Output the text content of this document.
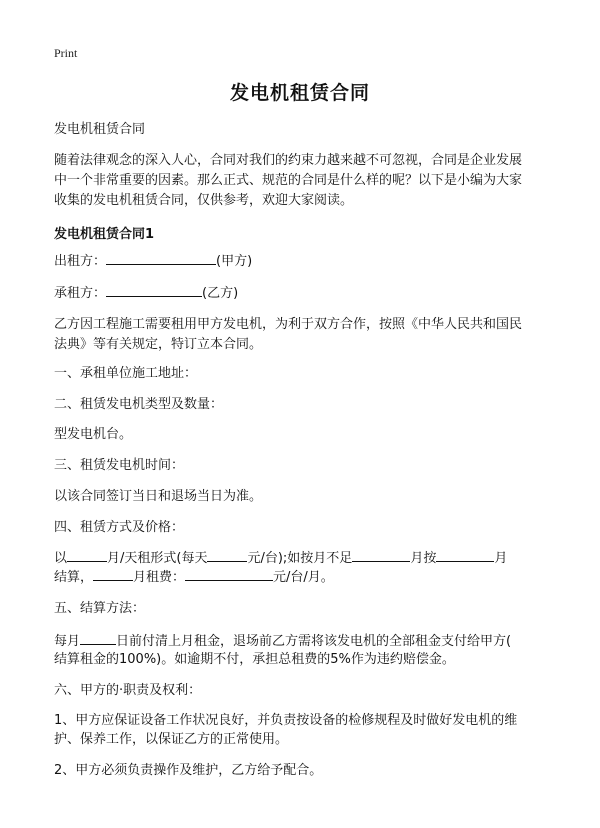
Print
发电机租赁合同
发电机租赁合同
随着法律观念的深入人心，合同对我们的约束力越来越不可忽视，合同是企业发展
中一个非常重要的因素。那么正式、规范的合同是什么样的呢？以下是小编为大家
收集的发电机租赁合同，仅供参考，欢迎大家阅读。
发电机租赁合同1
出租方：	(甲方)
承租方：	(乙方)
乙方因工程施工需要租用甲方发电机，为利于双方合作，按照《中华人民共和国民
法典》等有关规定，特订立本合同。
一、承租单位施工地址：
二、租赁发电机类型及数量：
型发电机台。
三、租赁发电机时间：
以该合同签订当日和退场当日为准。
四、租赁方式及价格：
以	月/天租形式(每天	元/台);如按月不足	月按	月
结算，	月租费：	元/台/月。
五、结算方法：
每月	日前付清上月租金，退场前乙方需将该发电机的全部租金支付给甲方(
结算租金的100%)。如逾期不付，承担总租费的5%作为违约赔偿金。
六、甲方的·职责及权利：
1、甲方应保证设备工作状况良好，并负责按设备的检修规程及时做好发电机的维
护、保养工作，以保证乙方的正常使用。
2、甲方必须负责操作及维护，乙方给予配合。
